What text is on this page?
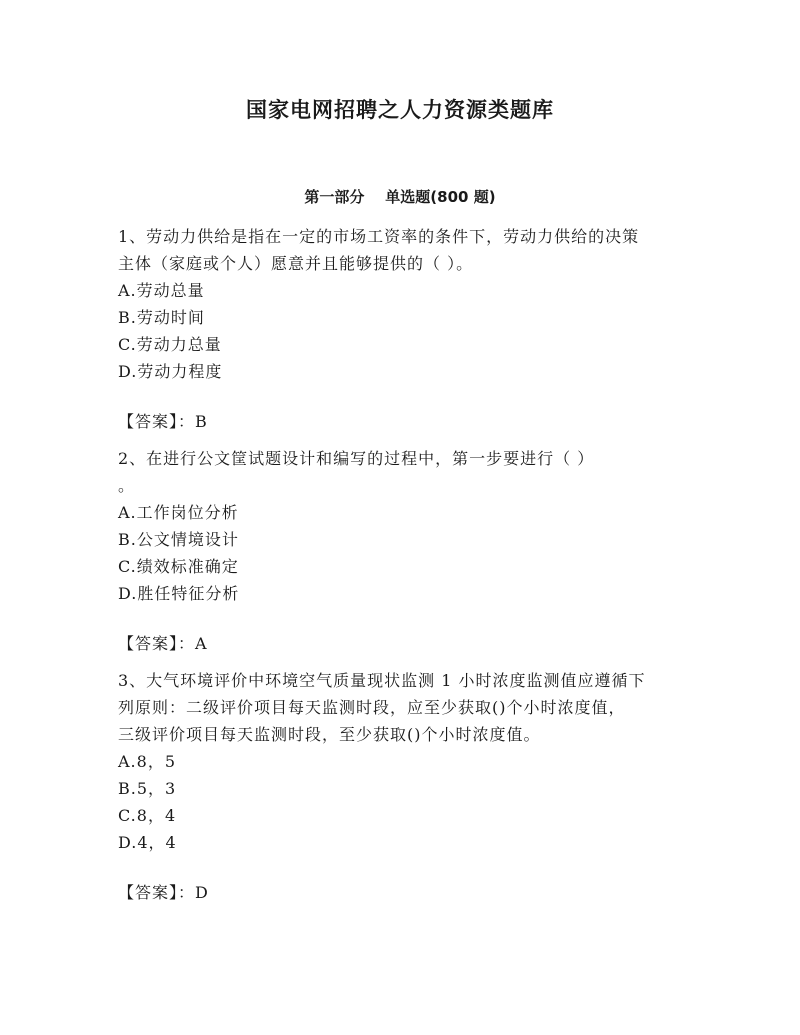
国家电网招聘之人力资源类题库
第一部分    单选题(800 题)
1、劳动力供给是指在一定的市场工资率的条件下，劳动力供给的决策
主体（家庭或个人）愿意并且能够提供的（ ）。
A.劳动总量
B.劳动时间
C.劳动力总量
D.劳动力程度
【答案】：B
2、在进行公文筐试题设计和编写的过程中，第一步要进行（ ）
。
A.工作岗位分析
B.公文情境设计
C.绩效标准确定
D.胜任特征分析
【答案】：A
3、大气环境评价中环境空气质量现状监测 1 小时浓度监测值应遵循下
列原则：二级评价项目每天监测时段，应至少获取()个小时浓度值，
三级评价项目每天监测时段，至少获取()个小时浓度值。
A.8，5
B.5，3
C.8，4
D.4，4
【答案】：D
